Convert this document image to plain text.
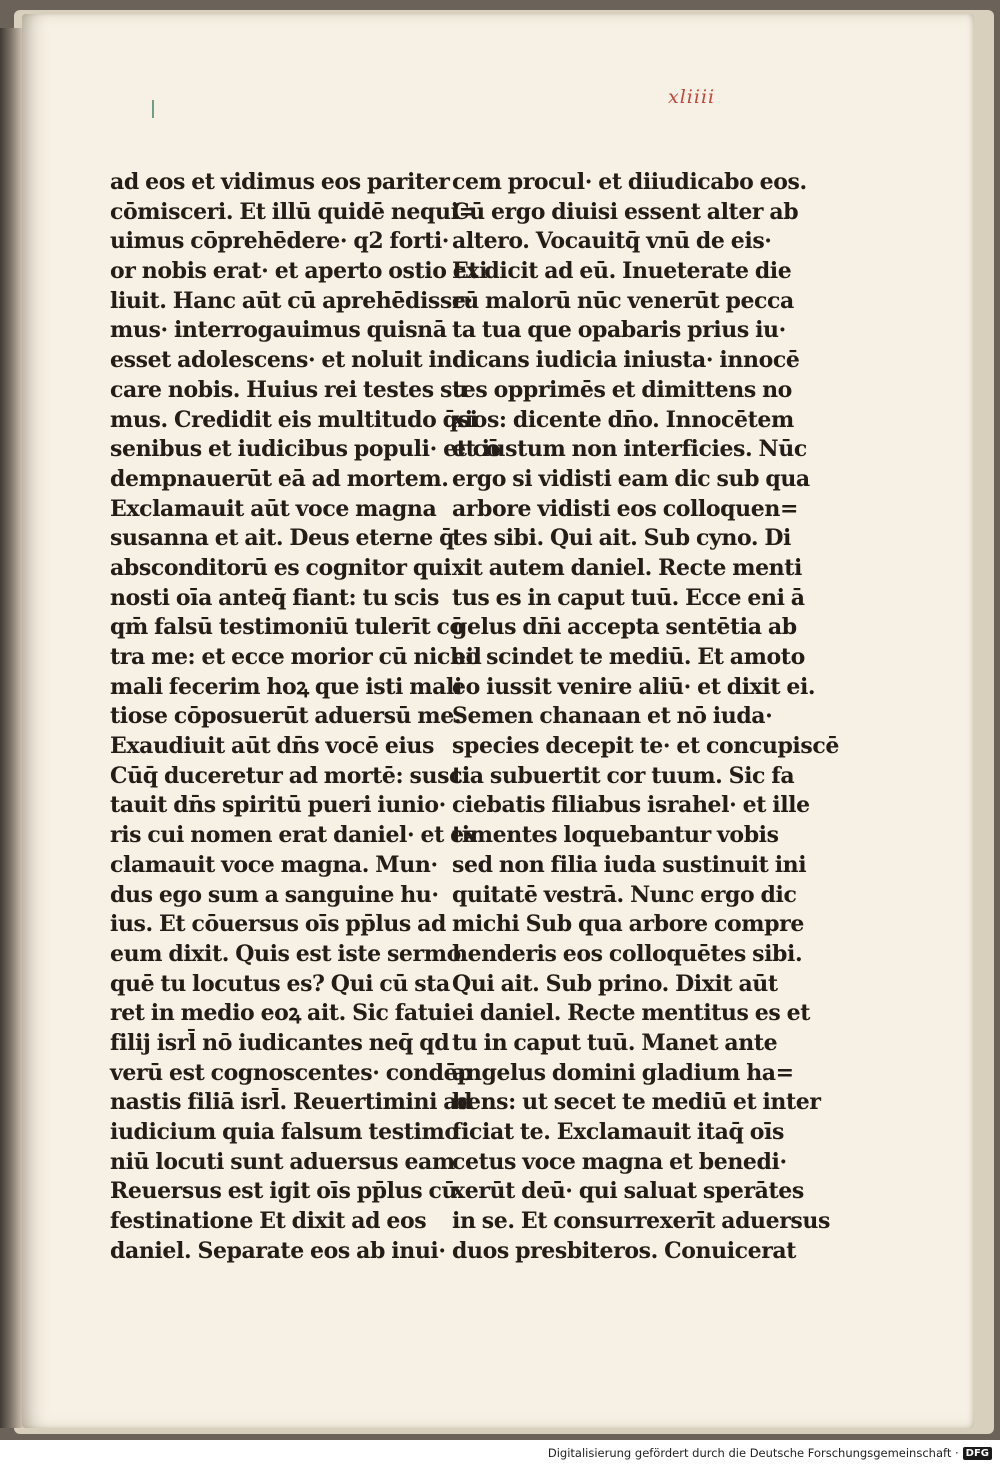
xliiii
ad eos et vidimus eos pariter
cōmisceri. Et illū quidē nequi=
uimus cōprehēdere· q2 forti·
or nobis erat· et aperto ostio exi
liuit. Hanc aūt cū aprehēdisse·
mus· interrogauimus quisnā
esset adolescens· et noluit indi
care nobis. Huius rei testes su
mus. Credidit eis multitudo q̄si
senibus et iudicibus populi· et cō
dempnauerūt eā ad mortem.
Exclamauit aūt voce magna
susanna et ait. Deus eterne q̄
absconditorū es cognitor qui
nosti oīa anteq̄ fiant: tu scis
qm̄ falsū testimoniū tulerīt cō
tra me: et ecce morior cū nichil
mali fecerim hoꝝ que isti mali
tiose cōposuerūt aduersū me.
Exaudiuit aūt dn̄s vocē eius
Cūq̄ duceretur ad mortē: susci
tauit dn̄s spiritū pueri iunio·
ris cui nomen erat daniel· et ex
clamauit voce magna. Mun·
dus ego sum a sanguine hu·
ius. Et cōuersus oīs pp̄lus ad
eum dixit. Quis est iste sermo
quē tu locutus es? Qui cū sta
ret in medio eoꝝ ait. Sic fatui
filij isrl̄ nō iudicantes neq̄ qd
verū est cognoscentes· condēp
nastis filiā isrl̄. Reuertimini ad
iudicium quia falsum testimo
niū locuti sunt aduersus eam
Reuersus est igit oīs pp̄lus cū
festinatione Et dixit ad eos
daniel. Separate eos ab inui·
cem procul· et diiudicabo eos.
Cū ergo diuisi essent alter ab
altero. Vocauitq̄ vnū de eis·
Et dicit ad eū. Inueterate die
rū malorū nūc venerūt pecca
ta tua que opabaris prius iu·
dicans iudicia iniusta· innocē
tes opprimēs et dimittens no
xios: dicente dn̄o. Innocētem
et iustum non interficies. Nūc
ergo si vidisti eam dic sub qua
arbore vidisti eos colloquen=
tes sibi. Qui ait. Sub cyno. Di
xit autem daniel. Recte menti
tus es in caput tuū. Ecce eni ā
gelus dn̄i accepta sentētia ab
eo scindet te mediū. Et amoto
eo iussit venire aliū· et dixit ei.
Semen chanaan et nō iuda·
species decepit te· et concupiscē
tia subuertit cor tuum. Sic fa
ciebatis filiabus israhel· et ille
timentes loquebantur vobis
sed non filia iuda sustinuit ini
quitatē vestrā. Nunc ergo dic
michi Sub qua arbore compre
henderis eos colloquētes sibi.
Qui ait. Sub prino. Dixit aūt
ei daniel. Recte mentitus es et
tu in caput tuū. Manet ante
angelus domini gladium ha=
bens: ut secet te mediū et inter
ficiat te. Exclamauit itaq̄ oīs
cetus voce magna et benedi·
xerūt deū· qui saluat sperātes
in se. Et consurrexerīt aduersus
duos presbiteros. Conuicerat
Digitalisierung gefördert durch die Deutsche Forschungsgemeinschaft · DFG
